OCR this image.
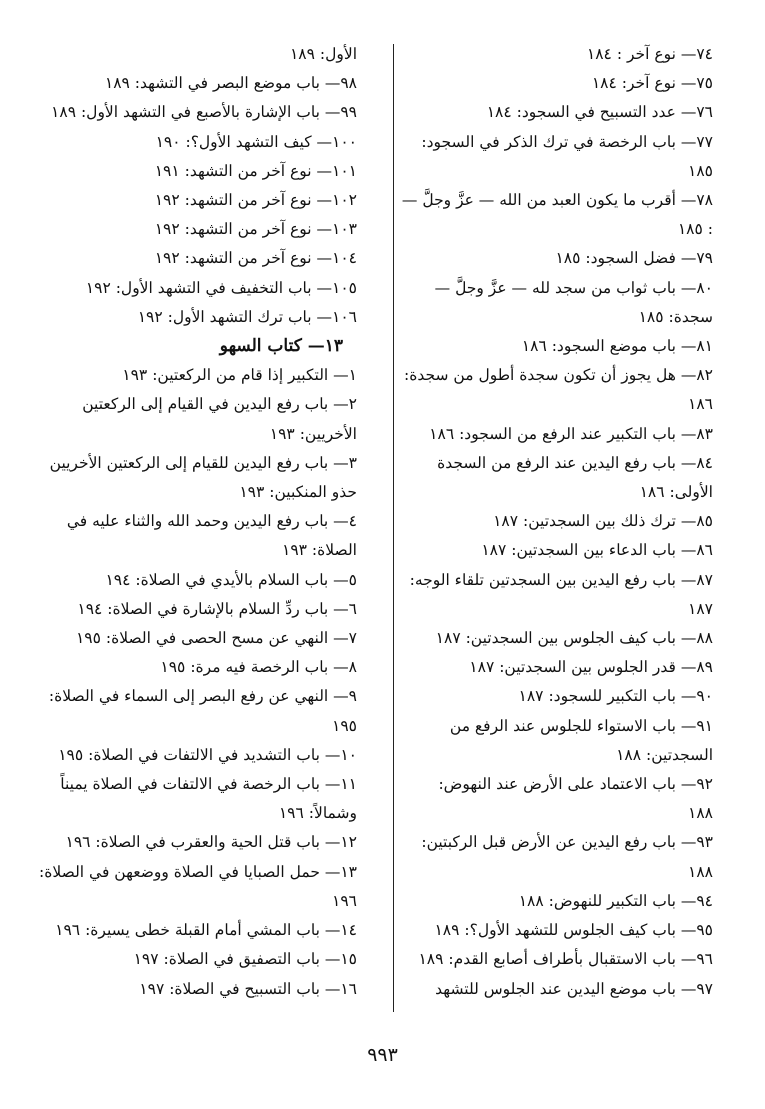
٧٤— نوع آخر : ١٨٤
٧٥— نوع آخر: ١٨٤
٧٦— عدد التسبيح في السجود: ١٨٤
٧٧— باب الرخصة في ترك الذكر في السجود:
١٨٥
٧٨— أقرب ما يكون العبد من الله — عزَّ وجلَّ —
: ١٨٥
٧٩— فضل السجود: ١٨٥
٨٠— باب ثواب من سجد لله — عزَّ وجلَّ —
سجدة: ١٨٥
٨١— باب موضع السجود: ١٨٦
٨٢— هل يجوز أن تكون سجدة أطول من سجدة:
١٨٦
٨٣— باب التكبير عند الرفع من السجود: ١٨٦
٨٤— باب رفع اليدين عند الرفع من السجدة
الأولى: ١٨٦
٨٥— ترك ذلك بين السجدتين: ١٨٧
٨٦— باب الدعاء بين السجدتين: ١٨٧
٨٧— باب رفع اليدين بين السجدتين تلقاء الوجه:
١٨٧
٨٨— باب كيف الجلوس بين السجدتين: ١٨٧
٨٩— قدر الجلوس بين السجدتين: ١٨٧
٩٠— باب التكبير للسجود: ١٨٧
٩١— باب الاستواء للجلوس عند الرفع من
السجدتين: ١٨٨
٩٢— باب الاعتماد على الأرض عند النهوض:
١٨٨
٩٣— باب رفع اليدين عن الأرض قبل الركبتين:
١٨٨
٩٤— باب التكبير للنهوض: ١٨٨
٩٥— باب كيف الجلوس للتشهد الأول؟: ١٨٩
٩٦— باب الاستقبال بأطراف أصابع القدم: ١٨٩
٩٧— باب موضع اليدين عند الجلوس للتشهد
الأول: ١٨٩
٩٨— باب موضع البصر في التشهد: ١٨٩
٩٩— باب الإشارة بالأصبع في التشهد الأول: ١٨٩
١٠٠— كيف التشهد الأول؟: ١٩٠
١٠١— نوع آخر من التشهد: ١٩١
١٠٢— نوع آخر من التشهد: ١٩٢
١٠٣— نوع آخر من التشهد: ١٩٢
١٠٤— نوع آخر من التشهد: ١٩٢
١٠٥— باب التخفيف في التشهد الأول: ١٩٢
١٠٦— باب ترك التشهد الأول: ١٩٢
١٣— كتاب السهو
١— التكبير إذا قام من الركعتين: ١٩٣
٢— باب رفع اليدين في القيام إلى الركعتين
الأخريين: ١٩٣
٣— باب رفع اليدين للقيام إلى الركعتين الأخريين
حذو المنكبين: ١٩٣
٤— باب رفع اليدين وحمد الله والثناء عليه في
الصلاة: ١٩٣
٥— باب السلام بالأيدي في الصلاة: ١٩٤
٦— باب ردِّ السلام بالإشارة في الصلاة: ١٩٤
٧— النهي عن مسح الحصى في الصلاة: ١٩٥
٨— باب الرخصة فيه مرة: ١٩٥
٩— النهي عن رفع البصر إلى السماء في الصلاة:
١٩٥
١٠— باب التشديد في الالتفات في الصلاة: ١٩٥
١١— باب الرخصة في الالتفات في الصلاة يميناً
وشمالاً: ١٩٦
١٢— باب قتل الحية والعقرب في الصلاة: ١٩٦
١٣— حمل الصبايا في الصلاة ووضعهن في الصلاة:
١٩٦
١٤— باب المشي أمام القبلة خطى يسيرة: ١٩٦
١٥— باب التصفيق في الصلاة: ١٩٧
١٦— باب التسبيح في الصلاة: ١٩٧
٩٩٣
